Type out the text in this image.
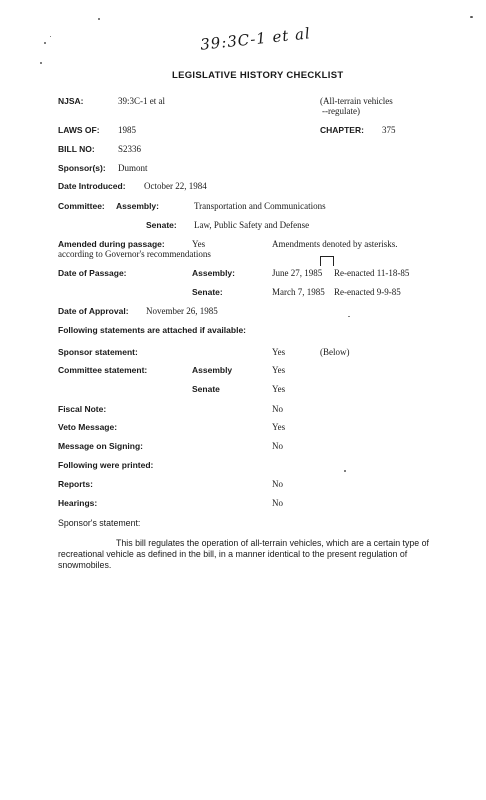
39:3C-1 et al
LEGISLATIVE HISTORY CHECKLIST
NJSA:	39:3C-1 et al	(All-terrain vehicles
--regulate)
LAWS OF: 1985	CHAPTER: 375
BILL NO:	S2336
Sponsor(s): Dumont
Date Introduced: October 22, 1984
Committee: Assembly:	Transportation and Communications
Senate: Law, Public Safety and Defense
Amended during passage:	Yes	Amendments denoted by asterisks.
according to Governor's recommendations
Date of Passage:	Assembly:	June 27, 1985 Re-enacted 11-18-85
Senate:	March 7, 1985 Re-enacted 9-9-85
Date of Approval: November 26, 1985
Following statements are attached if available:
Sponsor statement:	Yes	(Below)
Committee statement:	Assembly	Yes
Senate	Yes
Fiscal Note:	No
Veto Message:	Yes
Message on Signing:	No
Following were printed:
Reports:	No
Hearings:	No
Sponsor's statement:
This bill regulates the operation of all-terrain vehicles, which are a certain type of recreational vehicle as defined in the bill, in a manner identical to the present regulation of snowmobiles.
